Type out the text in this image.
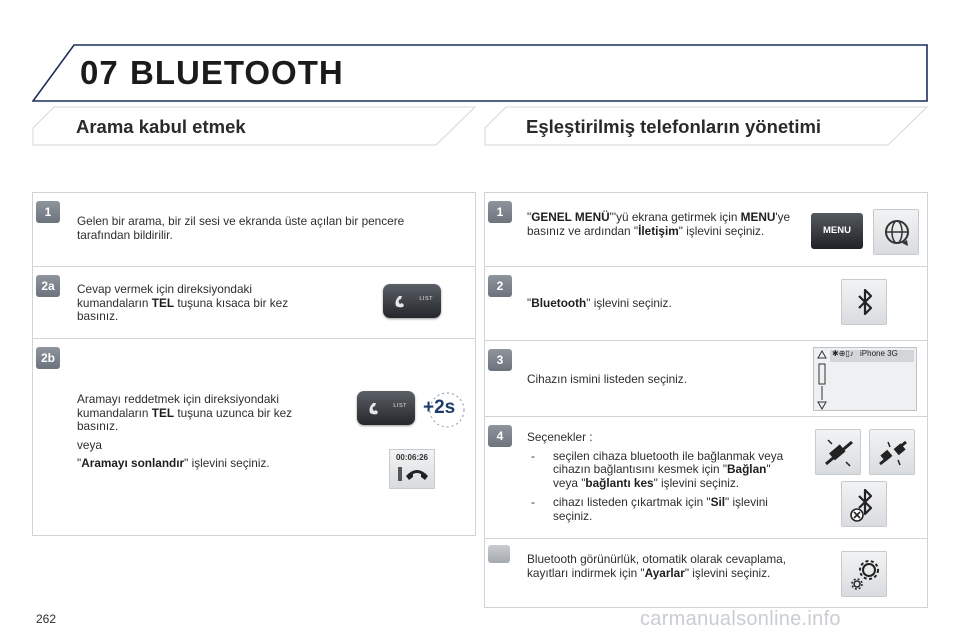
07 BLUETOOTH
Arama kabul etmek	Eşleştirilmiş telefonların yönetimi
1
Gelen bir arama, bir zil sesi ve ekranda üste açılan bir pencere tarafından bildirilir.
2a	Cevap vermek için direksiyondaki kumandaların TEL tuşuna kısaca bir kez basınız.
LIST
2b

Aramayı reddetmek için direksiyondaki kumandaların TEL tuşuna uzunca bir kez basınız.

veya

"Aramayı sonlandır" işlevini seçiniz.

LIST +2s
00:06:26
1	"GENEL MENÜ"'yü ekrana getirmek için MENU'ye basınız ve ardından "İletişim" işlevini seçiniz.	MENU
2
"Bluetooth" işlevini seçiniz.
3
Cihazın ismini listeden seçiniz.
✱⊕▯♪ iPhone 3G
4	Seçenekler :

- seçilen cihaza bluetooth ile bağlanmak veya cihazın bağlantısını kesmek için "Bağlan" veya "bağlantı kes" işlevini seçiniz.
- cihazı listeden çıkartmak için "Sil" işlevini seçiniz.
Bluetooth görünürlük, otomatik olarak cevaplama, kayıtları indirmek için "Ayarlar" işlevini seçiniz.
262	carmanualsonline.info
